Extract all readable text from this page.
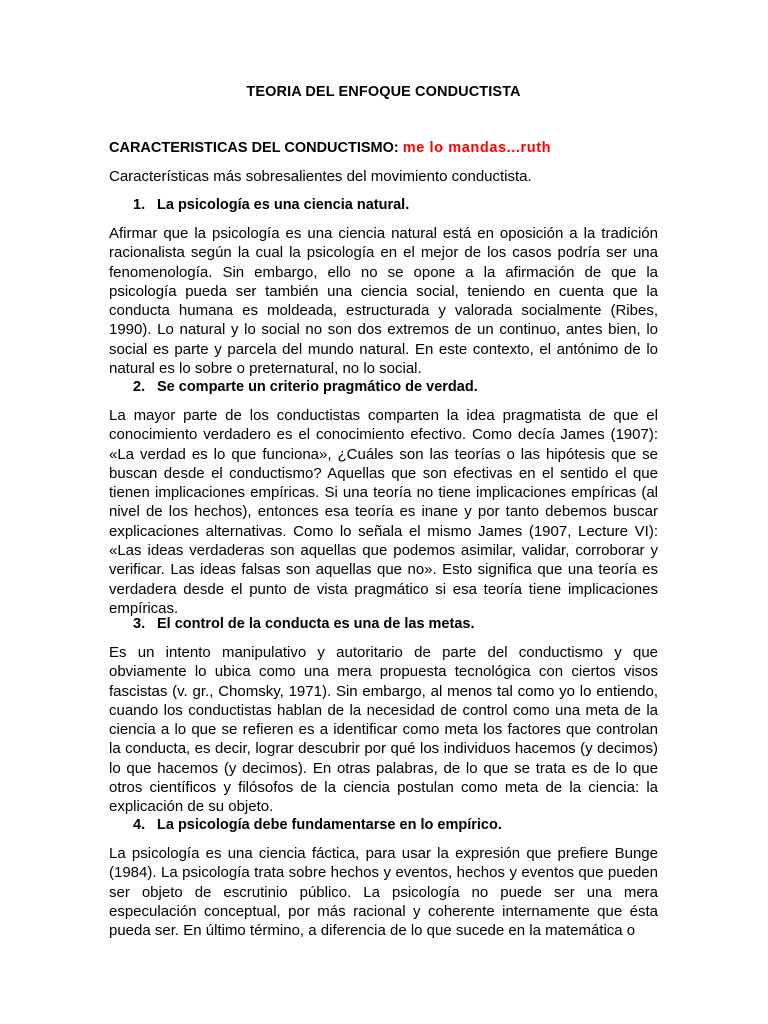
TEORIA DEL ENFOQUE CONDUCTISTA
CARACTERISTICAS DEL CONDUCTISMO: me lo mandas...ruth
Características más sobresalientes del movimiento conductista.
1. La psicología es una ciencia natural.
Afirmar que la psicología es una ciencia natural está en oposición a la tradición racionalista según la cual la psicología en el mejor de los casos podría ser una fenomenología. Sin embargo, ello no se opone a la afirmación de que la psicología pueda ser también una ciencia social, teniendo en cuenta que la conducta humana es moldeada, estructurada y valorada socialmente (Ribes, 1990). Lo natural y lo social no son dos extremos de un continuo, antes bien, lo social es parte y parcela del mundo natural. En este contexto, el antónimo de lo natural es lo sobre o preternatural, no lo social.
2. Se comparte un criterio pragmático de verdad.
La mayor parte de los conductistas comparten la idea pragmatista de que el conocimiento verdadero es el conocimiento efectivo. Como decía James (1907): «La verdad es lo que funciona», ¿Cuáles son las teorías o las hipótesis que se buscan desde el conductismo? Aquellas que son efectivas en el sentido el que tienen implicaciones empíricas. Si una teoría no tiene implicaciones empíricas (al nivel de los hechos), entonces esa teoría es inane y por tanto debemos buscar explicaciones alternativas. Como lo señala el mismo James (1907, Lecture VI): «Las ideas verdaderas son aquellas que podemos asimilar, validar, corroborar y verificar. Las ideas falsas son aquellas que no». Esto significa que una teoría es verdadera desde el punto de vista pragmático si esa teoría tiene implicaciones empíricas.
3. El control de la conducta es una de las metas.
Es un intento manipulativo y autoritario de parte del conductismo y que obviamente lo ubica como una mera propuesta tecnológica con ciertos visos fascistas (v. gr., Chomsky, 1971). Sin embargo, al menos tal como yo lo entiendo, cuando los conductistas hablan de la necesidad de control como una meta de la ciencia a lo que se refieren es a identificar como meta los factores que controlan la conducta, es decir, lograr descubrir por qué los individuos hacemos (y decimos) lo que hacemos (y decimos). En otras palabras, de lo que se trata es de lo que otros científicos y filósofos de la ciencia postulan como meta de la ciencia: la explicación de su objeto.
4. La psicología debe fundamentarse en lo empírico.
La psicología es una ciencia fáctica, para usar la expresión que prefiere Bunge (1984). La psicología trata sobre hechos y eventos, hechos y eventos que pueden ser objeto de escrutinio público. La psicología no puede ser una mera especulación conceptual, por más racional y coherente internamente que ésta pueda ser. En último término, a diferencia de lo que sucede en la matemática o
